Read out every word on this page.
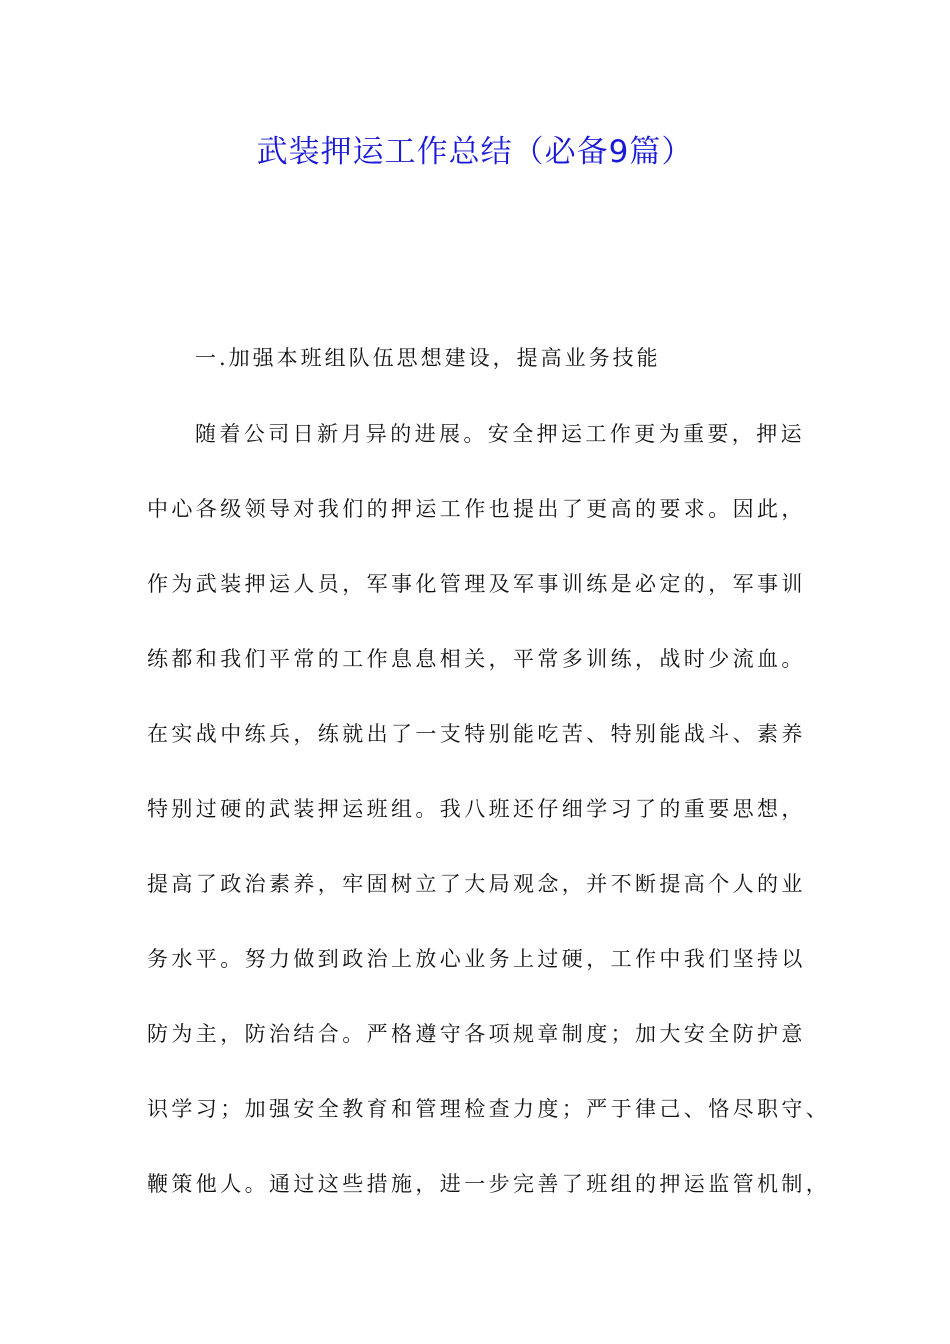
武装押运工作总结（必备9篇）
一.加强本班组队伍思想建设，提高业务技能

随着公司日新月异的进展。安全押运工作更为重要，押运

中心各级领导对我们的押运工作也提出了更高的要求。因此，

作为武装押运人员，军事化管理及军事训练是必定的，军事训

练都和我们平常的工作息息相关，平常多训练，战时少流血。

在实战中练兵，练就出了一支特别能吃苦、特别能战斗、素养

特别过硬的武装押运班组。我八班还仔细学习了的重要思想，

提高了政治素养，牢固树立了大局观念，并不断提高个人的业

务水平。努力做到政治上放心业务上过硬，工作中我们坚持以

防为主，防治结合。严格遵守各项规章制度；加大安全防护意

识学习；加强安全教育和管理检查力度；严于律己、恪尽职守、

鞭策他人。通过这些措施，进一步完善了班组的押运监管机制，
